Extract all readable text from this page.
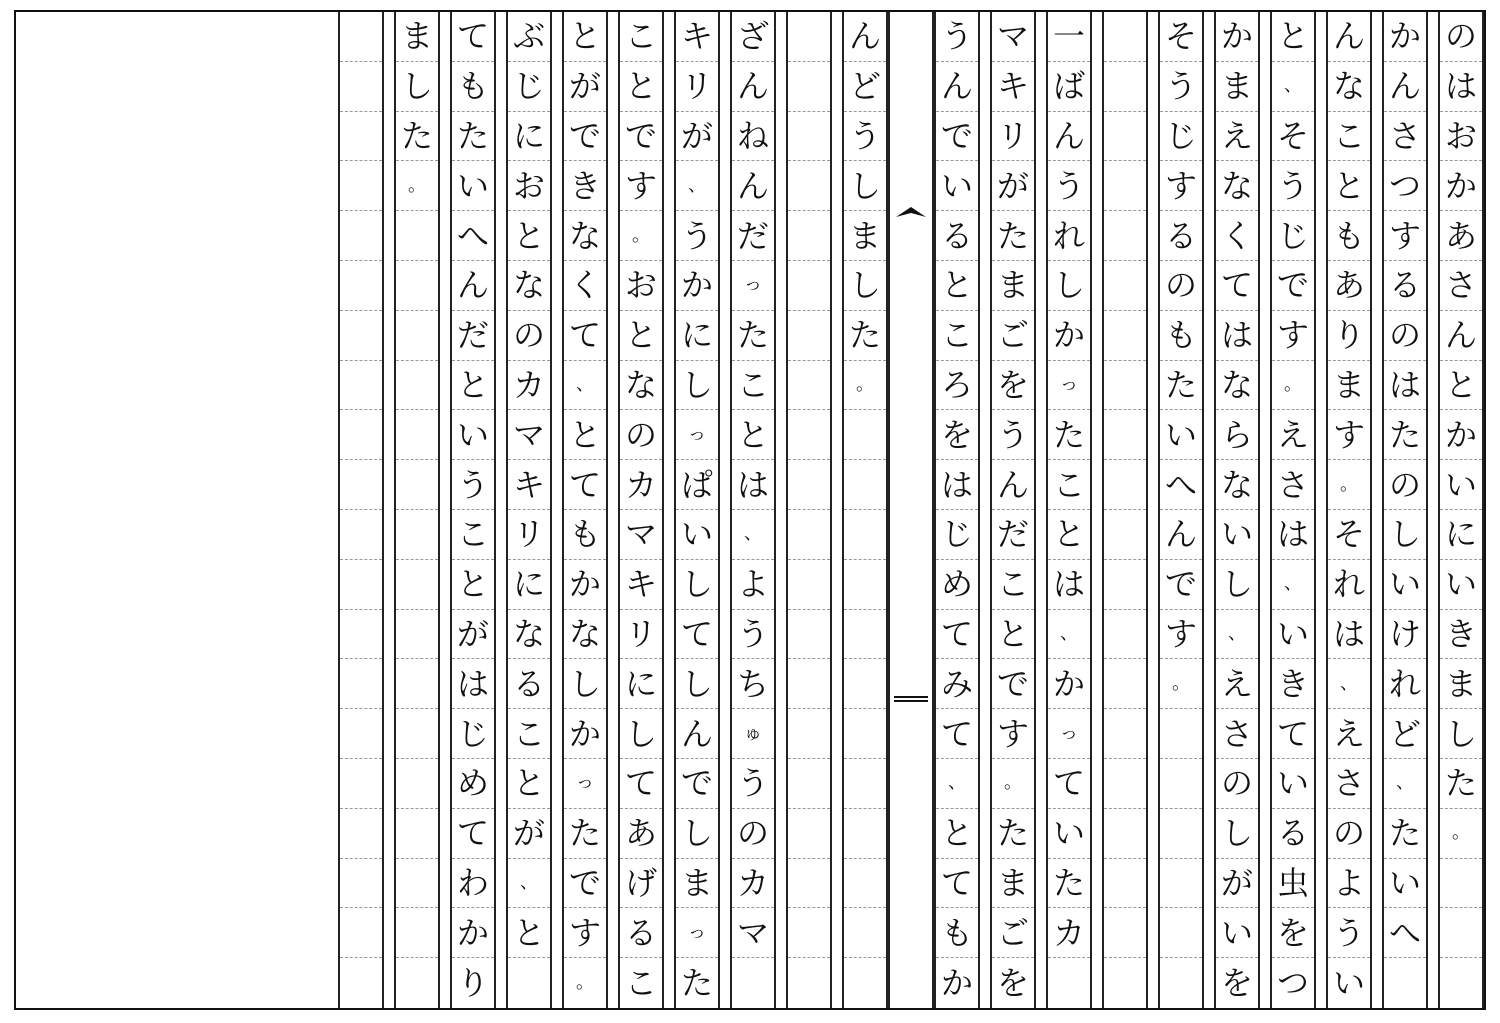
の
は
お
か
あ
さ
ん
と
か
い
に
い
き
ま
し
た
。
か
ん
さ
つ
す
る
の
は
た
の
し
い
け
れ
ど
、
た
い
へ
ん
な
こ
と
も
あ
り
ま
す
。
そ
れ
は
、
え
さ
の
よ
う
い
と
、
そ
う
じ
で
す
。
え
さ
は
、
い
き
て
い
る
虫
を
つ
か
ま
え
な
く
て
は
な
ら
な
い
し
、
え
さ
の
し
が
い
を
そ
う
じ
す
る
の
も
た
い
へ
ん
で
す
。
一
ば
ん
う
れ
し
か
っ
た
こ
と
は
、
か
っ
て
い
た
カ
マ
キ
リ
が
た
ま
ご
を
う
ん
だ
こ
と
で
す
。
た
ま
ご
を
う
ん
で
い
る
と
こ
ろ
を
は
じ
め
て
み
て
、
と
て
も
か
ん
ど
う
し
ま
し
た
。
ざ
ん
ね
ん
だ
っ
た
こ
と
は
、
よ
う
ち
ゅ
う
の
カ
マ
キ
リ
が
、
う
か
に
し
っ
ぱ
い
し
て
し
ん
で
し
ま
っ
た
こ
と
で
す
。
お
と
な
の
カ
マ
キ
リ
に
し
て
あ
げ
る
こ
と
が
で
き
な
く
て
、
と
て
も
か
な
し
か
っ
た
で
す
。
ぶ
じ
に
お
と
な
の
カ
マ
キ
リ
に
な
る
こ
と
が
、
と
て
も
た
い
へ
ん
だ
と
い
う
こ
と
が
は
じ
め
て
わ
か
り
ま
し
た
。
